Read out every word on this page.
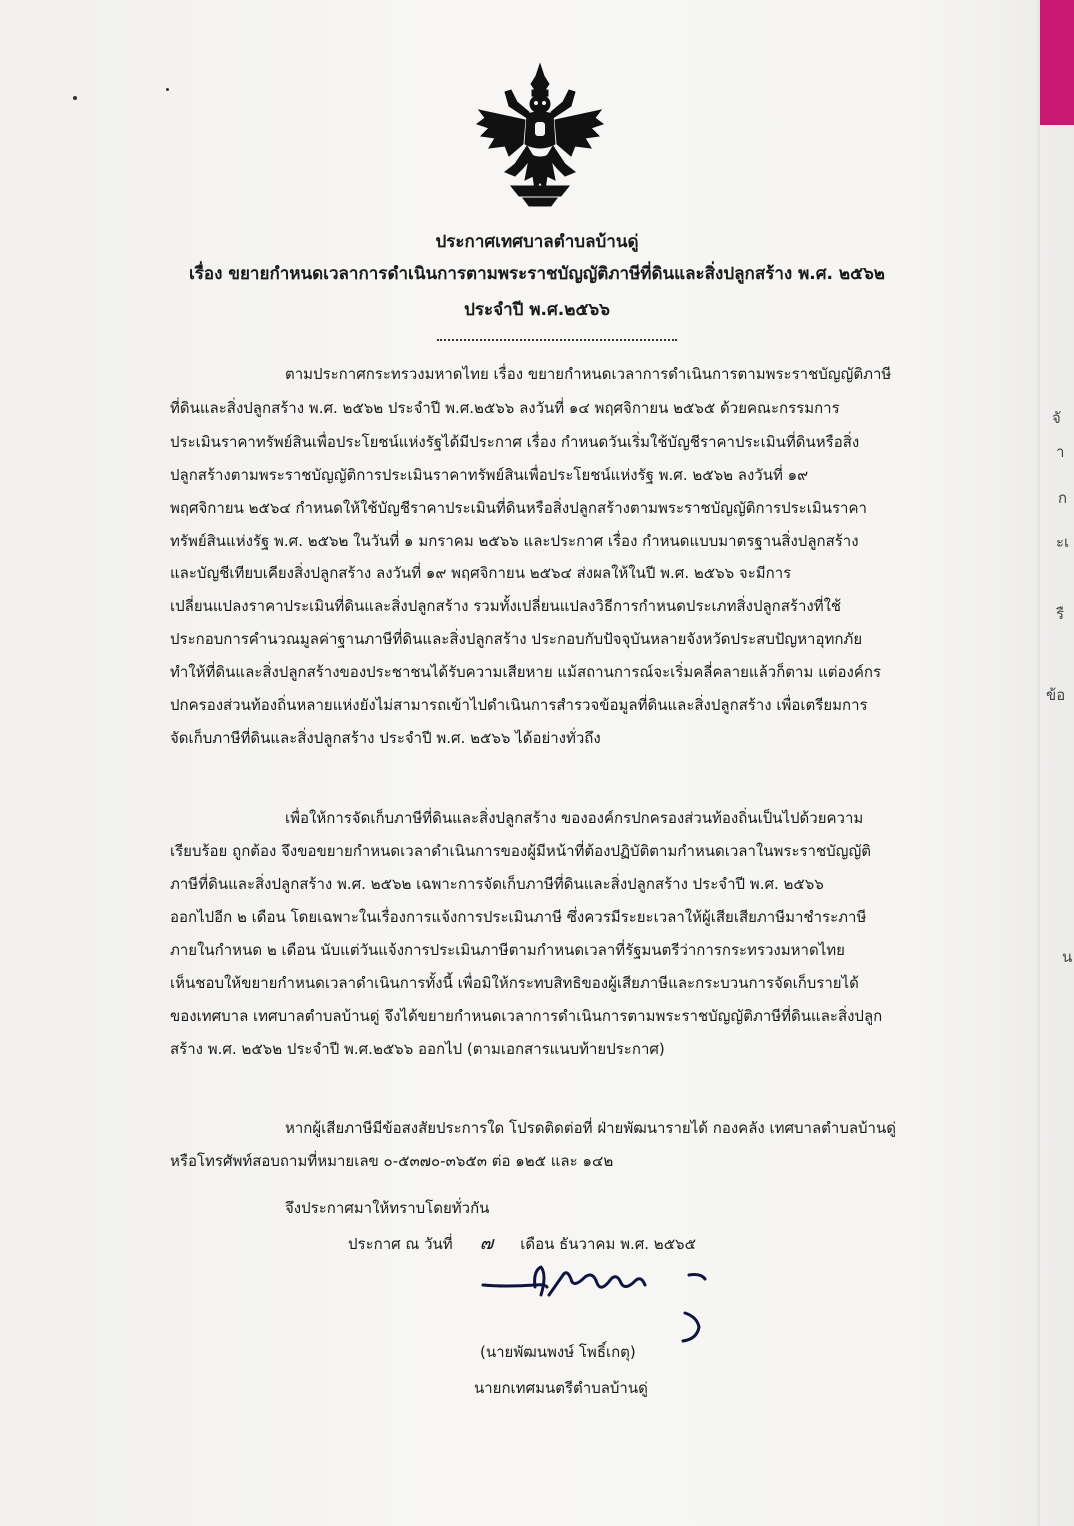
จั
า
ก
ะเ
รื
ข้อ
น
ประกาศเทศบาลตำบลบ้านดู่
เรื่อง ขยายกำหนดเวลาการดำเนินการตามพระราชบัญญัติภาษีที่ดินและสิ่งปลูกสร้าง พ.ศ. ๒๕๖๒
ประจำปี พ.ศ.๒๕๖๖
ตามประกาศกระทรวงมหาดไทย เรื่อง ขยายกำหนดเวลาการดำเนินการตามพระราชบัญญัติภาษี
ที่ดินและสิ่งปลูกสร้าง พ.ศ. ๒๕๖๒ ประจำปี พ.ศ.๒๕๖๖ ลงวันที่ ๑๔ พฤศจิกายน ๒๕๖๕ ด้วยคณะกรรมการ
ประเมินราคาทรัพย์สินเพื่อประโยชน์แห่งรัฐได้มีประกาศ เรื่อง กำหนดวันเริ่มใช้บัญชีราคาประเมินที่ดินหรือสิ่ง
ปลูกสร้างตามพระราชบัญญัติการประเมินราคาทรัพย์สินเพื่อประโยชน์แห่งรัฐ พ.ศ. ๒๕๖๒ ลงวันที่ ๑๙
พฤศจิกายน ๒๕๖๔ กำหนดให้ใช้บัญชีราคาประเมินที่ดินหรือสิ่งปลูกสร้างตามพระราชบัญญัติการประเมินราคา
ทรัพย์สินแห่งรัฐ พ.ศ. ๒๕๖๒ ในวันที่ ๑ มกราคม ๒๕๖๖ และประกาศ เรื่อง กำหนดแบบมาตรฐานสิ่งปลูกสร้าง
และบัญชีเทียบเคียงสิ่งปลูกสร้าง ลงวันที่ ๑๙ พฤศจิกายน ๒๕๖๔ ส่งผลให้ในปี พ.ศ. ๒๕๖๖ จะมีการ
เปลี่ยนแปลงราคาประเมินที่ดินและสิ่งปลูกสร้าง รวมทั้งเปลี่ยนแปลงวิธีการกำหนดประเภทสิ่งปลูกสร้างที่ใช้
ประกอบการคำนวณมูลค่าฐานภาษีที่ดินและสิ่งปลูกสร้าง ประกอบกับปัจจุบันหลายจังหวัดประสบปัญหาอุทกภัย
ทำให้ที่ดินและสิ่งปลูกสร้างของประชาชนได้รับความเสียหาย แม้สถานการณ์จะเริ่มคลี่คลายแล้วก็ตาม แต่องค์กร
ปกครองส่วนท้องถิ่นหลายแห่งยังไม่สามารถเข้าไปดำเนินการสำรวจข้อมูลที่ดินและสิ่งปลูกสร้าง เพื่อเตรียมการ
จัดเก็บภาษีที่ดินและสิ่งปลูกสร้าง ประจำปี พ.ศ. ๒๕๖๖ ได้อย่างทั่วถึง
เพื่อให้การจัดเก็บภาษีที่ดินและสิ่งปลูกสร้าง ขององค์กรปกครองส่วนท้องถิ่นเป็นไปด้วยความ
เรียบร้อย ถูกต้อง จึงขอขยายกำหนดเวลาดำเนินการของผู้มีหน้าที่ต้องปฏิบัติตามกำหนดเวลาในพระราชบัญญัติ
ภาษีที่ดินและสิ่งปลูกสร้าง พ.ศ. ๒๕๖๒ เฉพาะการจัดเก็บภาษีที่ดินและสิ่งปลูกสร้าง ประจำปี พ.ศ. ๒๕๖๖
ออกไปอีก ๒ เดือน โดยเฉพาะในเรื่องการแจ้งการประเมินภาษี ซึ่งควรมีระยะเวลาให้ผู้เสียเสียภาษีมาชำระภาษี
ภายในกำหนด ๒ เดือน นับแต่วันแจ้งการประเมินภาษีตามกำหนดเวลาที่รัฐมนตรีว่าการกระทรวงมหาดไทย
เห็นชอบให้ขยายกำหนดเวลาดำเนินการทั้งนี้ เพื่อมิให้กระทบสิทธิของผู้เสียภาษีและกระบวนการจัดเก็บรายได้
ของเทศบาล เทศบาลตำบลบ้านดู่ จึงได้ขยายกำหนดเวลาการดำเนินการตามพระราชบัญญัติภาษีที่ดินและสิ่งปลูก
สร้าง พ.ศ. ๒๕๖๒ ประจำปี พ.ศ.๒๕๖๖ ออกไป (ตามเอกสารแนบท้ายประกาศ)
หากผู้เสียภาษีมีข้อสงสัยประการใด โปรดติดต่อที่ ฝ่ายพัฒนารายได้ กองคลัง เทศบาลตำบลบ้านดู่
หรือโทรศัพท์สอบถามที่หมายเลข ๐-๕๓๗๐-๓๖๕๓ ต่อ ๑๒๕ และ ๑๔๒
จึงประกาศมาให้ทราบโดยทั่วกัน
ประกาศ ณ วันที่ ๗ เดือน ธันวาคม พ.ศ. ๒๕๖๕
(นายพัฒนพงษ์ โพธิ์เกตุ)
นายกเทศมนตรีตำบลบ้านดู่
